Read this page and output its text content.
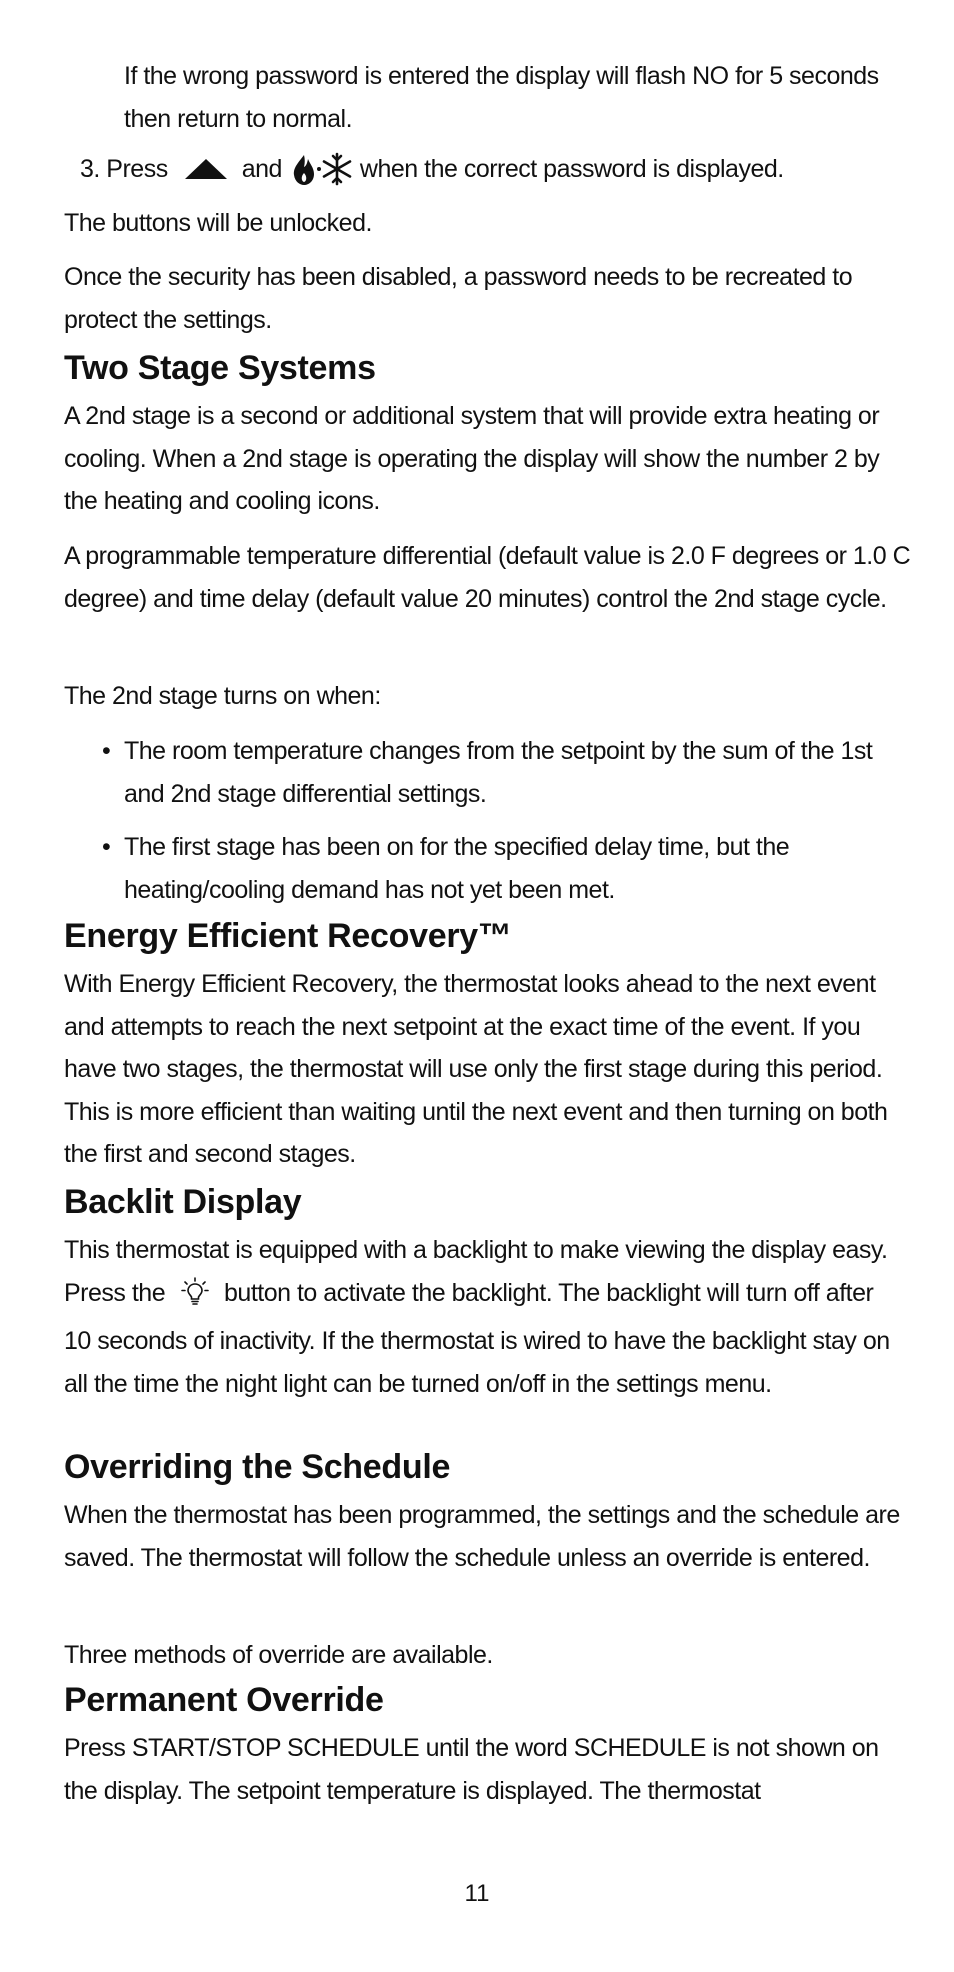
If the wrong password is entered the display will flash NO for 5 seconds then return to normal.

3. Press	and	when the correct password is displayed.

The buttons will be unlocked.

Once the security has been disabled, a password needs to be recreated to protect the settings.

Two Stage Systems

A 2nd stage is a second or additional system that will provide extra heating or cooling. When a 2nd stage is operating the display will show the number 2 by the heating and cooling icons.

A programmable temperature differential (default value is 2.0 F degrees or 1.0 C degree) and time delay (default value 20 minutes) control the 2nd stage cycle.

The 2nd stage turns on when:

• The room temperature changes from the setpoint by the sum of the 1st and 2nd stage differential settings.

• The first stage has been on for the specified delay time, but the heating/cooling demand has not yet been met.

Energy Efficient Recovery™

With Energy Efficient Recovery, the thermostat looks ahead to the next event and attempts to reach the next setpoint at the exact time of the event. If you have two stages, the thermostat will use only the first stage during this period. This is more efficient than waiting until the next event and then turning on both the first and second stages.

Backlit Display

This thermostat is equipped with a backlight to make viewing the display easy. Press the button to activate the backlight. The backlight will turn off after 10 seconds of inactivity. If the thermostat is wired to have the backlight stay on all the time the night light can be turned on/off in the settings menu.

Overriding the Schedule

When the thermostat has been programmed, the settings and the schedule are saved. The thermostat will follow the schedule unless an override is entered.

Three methods of override are available.

Permanent Override

Press START/STOP SCHEDULE until the word SCHEDULE is not shown on the display. The setpoint temperature is displayed. The thermostat

11
